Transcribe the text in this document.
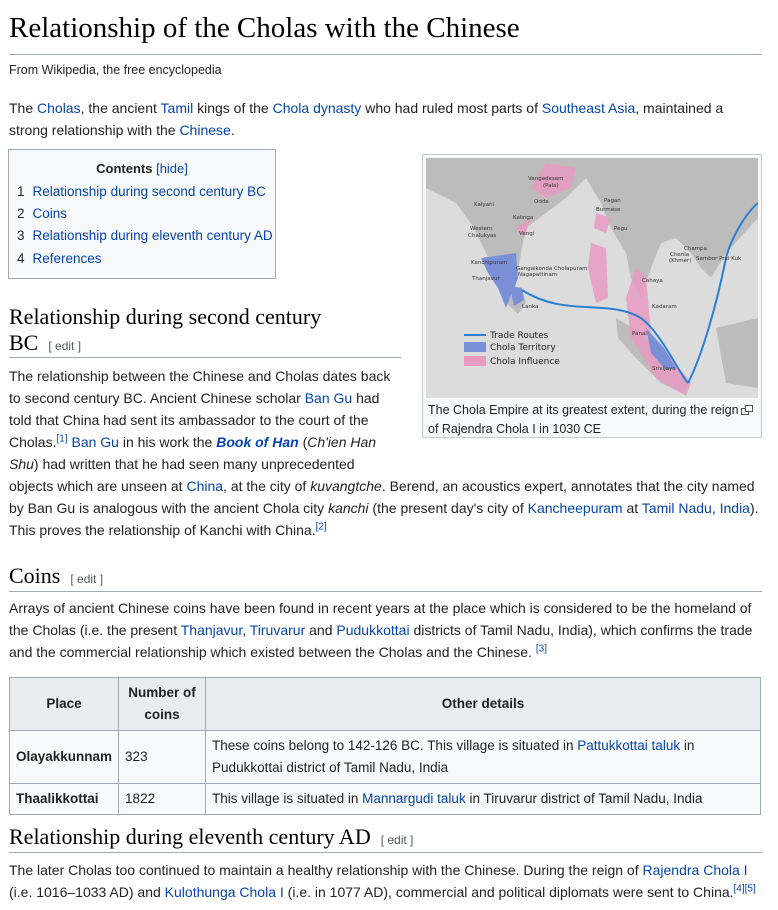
Relationship of the Cholas with the Chinese
From Wikipedia, the free encyclopedia
The Cholas, the ancient Tamil kings of the Chola dynasty who had ruled most parts of Southeast Asia, maintained a
strong relationship with the Chinese.
Contents [hide]
1 Relationship during second century BC
2 Coins
3 Relationship during eleventh century AD
4 References
Relationship during second century
BC [ edit ]
Vangadesam
(Pala)
Odda	Pagan
Burmese
Kalyani
Kalinga
Pegu
Western
Chalukyas	Vengi
Champa
Chenla
(Khmer) Sambor Prei Kuk
Kanchipuram
Gangaikonda Cholapuram
Nagapattinam
Thanjavur	Cahaya
Lanka	Kadaram
Panai
Srivijaya
Trade Routes
Chola Territory
Chola Influence
The Chola Empire at its greatest extent, during the reign of Rajendra Chola I in 1030 CE
The relationship between the Chinese and Cholas dates back
to second century BC. Ancient Chinese scholar Ban Gu had
told that China had sent its ambassador to the court of the
Cholas.[1] Ban Gu in his work the Book of Han (Ch'ien Han
Shu) had written that he had seen many unprecedented
objects which are unseen at China, at the city of kuvangtche. Berend, an acoustics expert, annotates that the city named
by Ban Gu is analogous with the ancient Chola city kanchi (the present day's city of Kancheepuram at Tamil Nadu, India).
This proves the relationship of Kanchi with China.[2]
Coins [ edit ]
Arrays of ancient Chinese coins have been found in recent years at the place which is considered to be the homeland of
the Cholas (i.e. the present Thanjavur, Tiruvarur and Pudukkottai districts of Tamil Nadu, India), which confirms the trade
and the commercial relationship which existed between the Cholas and the Chinese. [3]
Place	Number of coins	Other details
Olayakkunnam	323	These coins belong to 142-126 BC. This village is situated in Pattukkottai taluk in
Pudukkottai district of Tamil Nadu, India
Thaalikkottai	1822	This village is situated in Mannargudi taluk in Tiruvarur district of Tamil Nadu, India
Relationship during eleventh century AD [ edit ]
The later Cholas too continued to maintain a healthy relationship with the Chinese. During the reign of Rajendra Chola I
(i.e. 1016–1033 AD) and Kulothunga Chola I (i.e. in 1077 AD), commercial and political diplomats were sent to China.[4][5]
